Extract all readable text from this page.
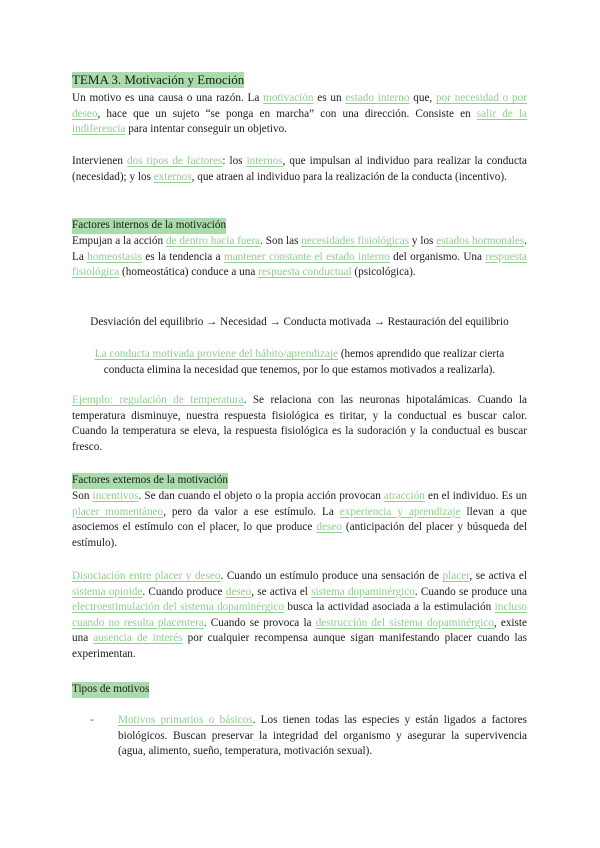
TEMA 3. Motivación y Emoción

Un motivo es una causa o una razón. La motivación es un estado interno que, por necesidad o por deseo, hace que un sujeto “se ponga en marcha” con una dirección. Consiste en salir de la indiferencia para intentar conseguir un objetivo.

Intervienen dos tipos de factores: los internos, que impulsan al individuo para realizar la conducta (necesidad); y los externos, que atraen al individuo para la realización de la conducta (incentivo).

Factores internos de la motivación

Empujan a la acción de dentro hacia fuera. Son las necesidades fisiológicas y los estados hormonales. La homeostasis es la tendencia a mantener constante el estado interno del organismo. Una respuesta fisiológica (homeostática) conduce a una respuesta conductual (psicológica).

Desviación del equilibrio → Necesidad → Conducta motivada → Restauración del equilibrio

La conducta motivada proviene del hábito/aprendizaje (hemos aprendido que realizar cierta conducta elimina la necesidad que tenemos, por lo que estamos motivados a realizarla).

Ejemplo: regulación de temperatura. Se relaciona con las neuronas hipotalámicas. Cuando la temperatura disminuye, nuestra respuesta fisiológica es tiritar, y la conductual es buscar calor. Cuando la temperatura se eleva, la respuesta fisiológica es la sudoración y la conductual es buscar fresco.

Factores externos de la motivación

Son incentivos. Se dan cuando el objeto o la propia acción provocan atracción en el individuo. Es un placer momentáneo, pero da valor a ese estímulo. La experiencia y aprendizaje llevan a que asociemos el estímulo con el placer, lo que produce deseo (anticipación del placer y búsqueda del estímulo).

Disociación entre placer y deseo. Cuando un estímulo produce una sensación de placer, se activa el sistema opioide. Cuando produce deseo, se activa el sistema dopaminérgico. Cuando se produce una electroestimulación del sistema dopaminérgico busca la actividad asociada a la estimulación incluso cuando no resulta placentera. Cuando se provoca la destrucción del sistema dopaminérgico, existe una ausencia de interés por cualquier recompensa aunque sigan manifestando placer cuando las experimentan.

Tipos de motivos
-	Motivos primarios o básicos. Los tienen todas las especies y están ligados a factores biológicos. Buscan preservar la integridad del organismo y asegurar la supervivencia (agua, alimento, sueño, temperatura, motivación sexual).
